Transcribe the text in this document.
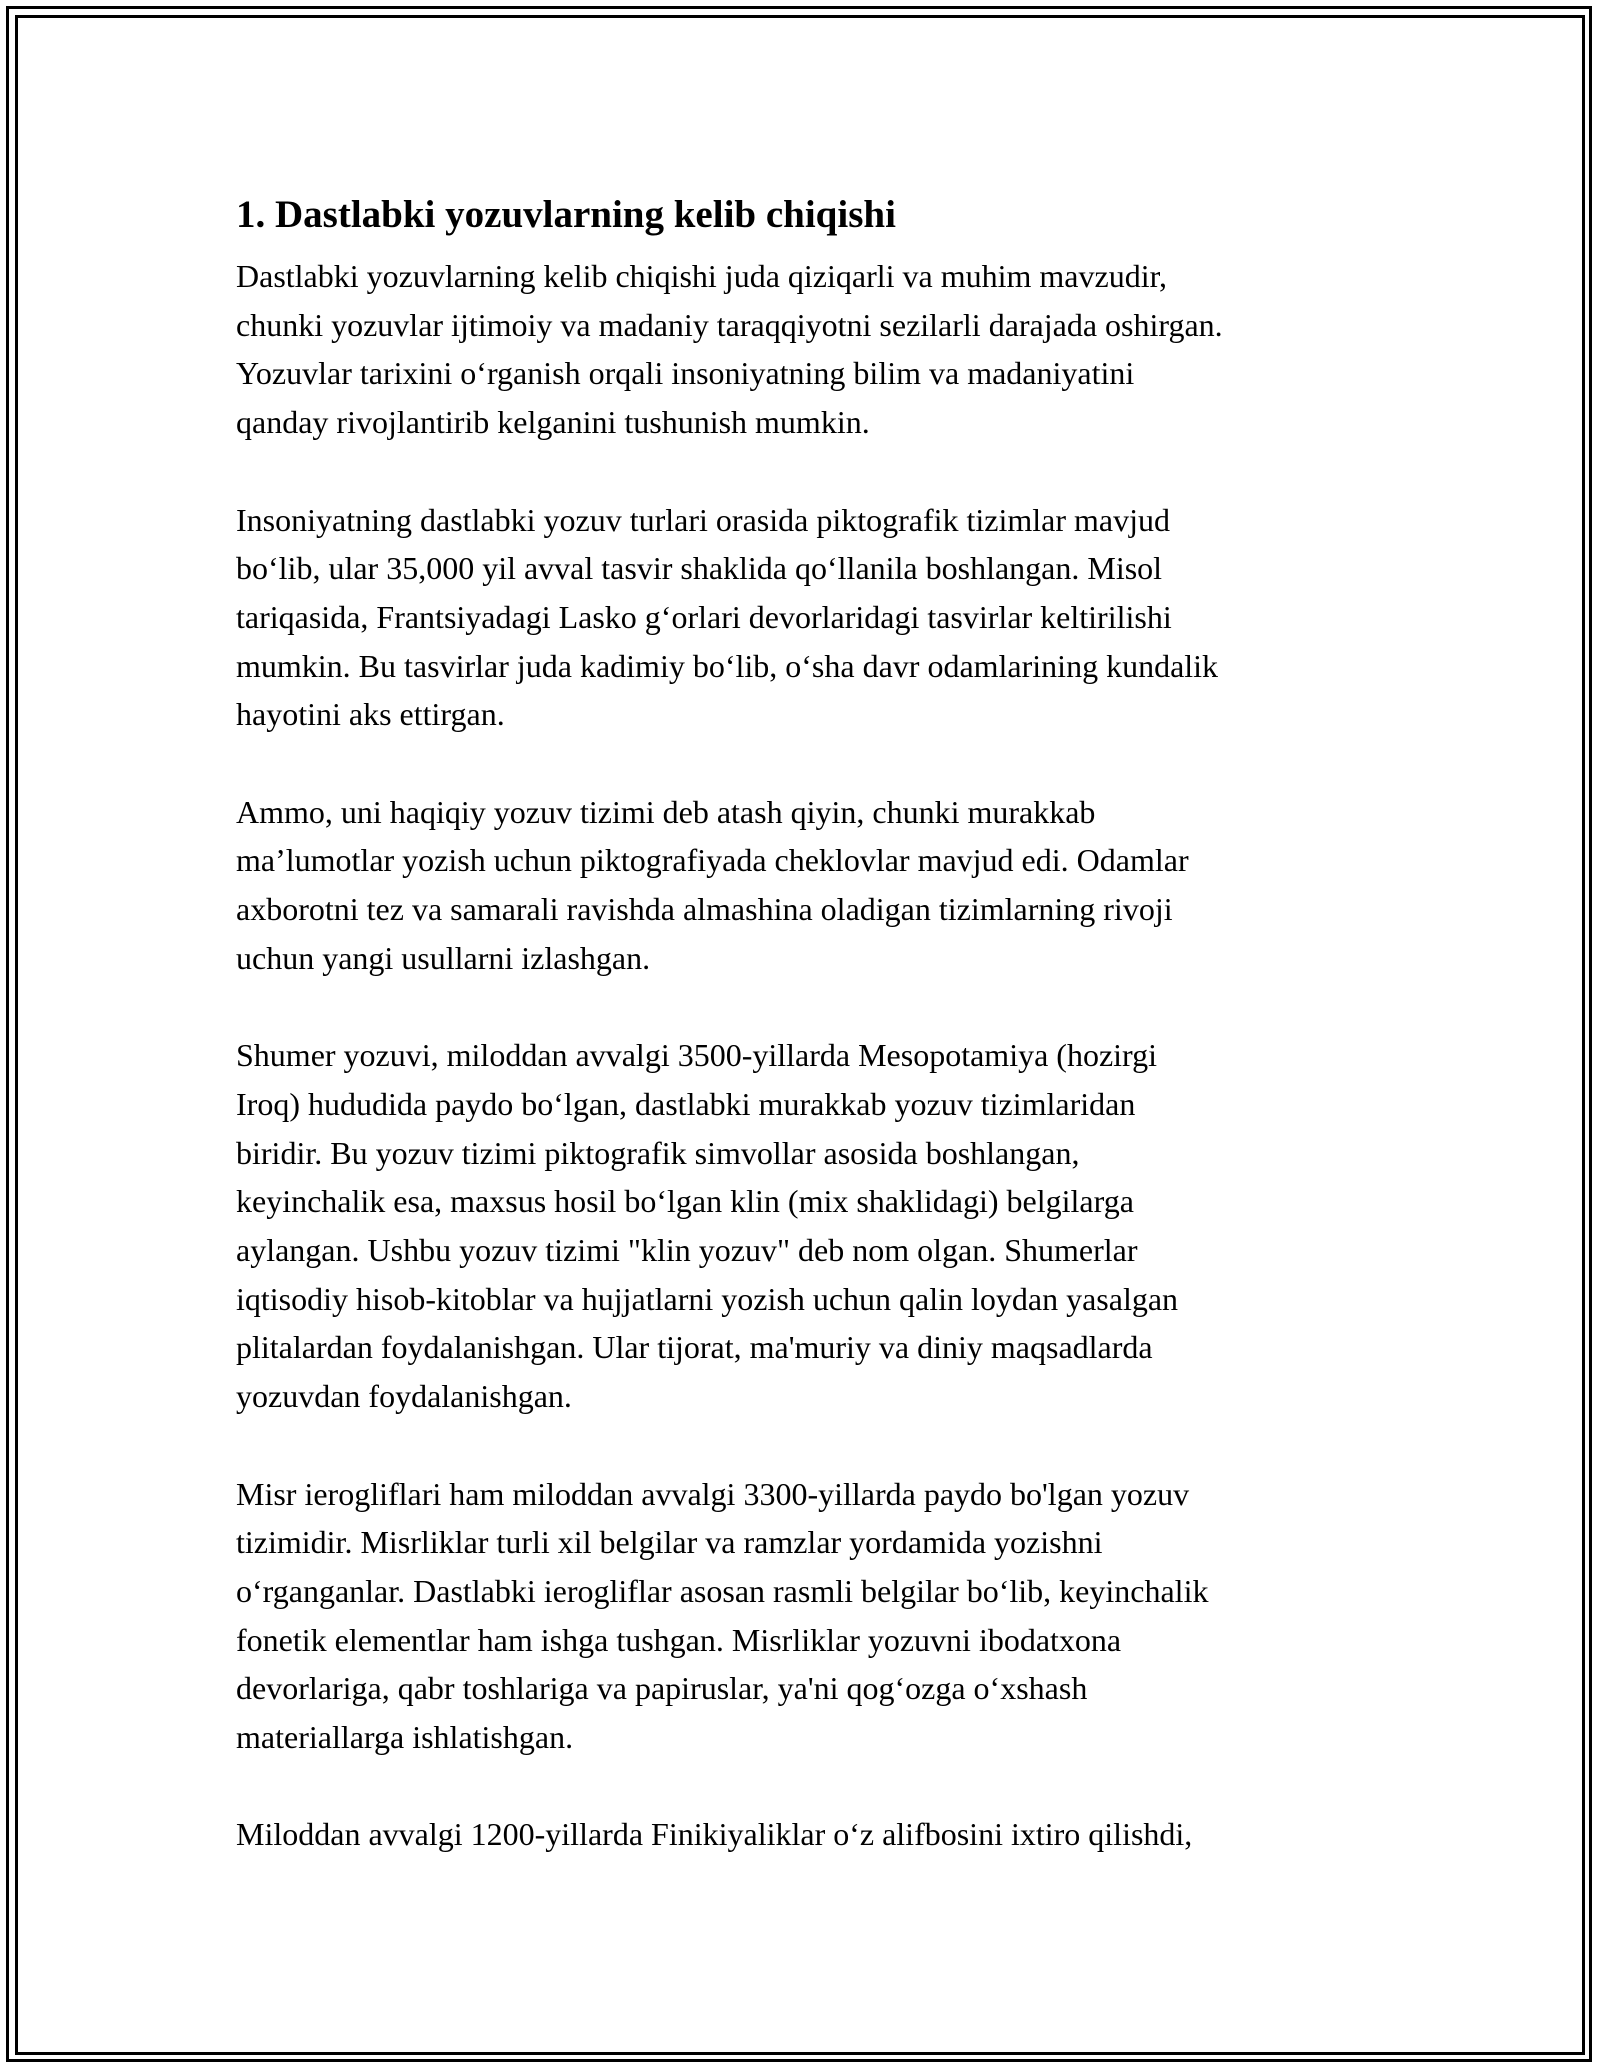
1. Dastlabki yozuvlarning kelib chiqishi

Dastlabki yozuvlarning kelib chiqishi juda qiziqarli va muhim mavzudir,
chunki yozuvlar ijtimoiy va madaniy taraqqiyotni sezilarli darajada oshirgan.
Yozuvlar tarixini o‘rganish orqali insoniyatning bilim va madaniyatini
qanday rivojlantirib kelganini tushunish mumkin.

Insoniyatning dastlabki yozuv turlari orasida piktografik tizimlar mavjud
bo‘lib, ular 35,000 yil avval tasvir shaklida qo‘llanila boshlangan. Misol
tariqasida, Frantsiyadagi Lasko g‘orlari devorlaridagi tasvirlar keltirilishi
mumkin. Bu tasvirlar juda kadimiy bo‘lib, o‘sha davr odamlarining kundalik
hayotini aks ettirgan.

Ammo, uni haqiqiy yozuv tizimi deb atash qiyin, chunki murakkab
ma’lumotlar yozish uchun piktografiyada cheklovlar mavjud edi. Odamlar
axborotni tez va samarali ravishda almashina oladigan tizimlarning rivoji
uchun yangi usullarni izlashgan.

Shumer yozuvi, miloddan avvalgi 3500-yillarda Mesopotamiya (hozirgi
Iroq) hududida paydo bo‘lgan, dastlabki murakkab yozuv tizimlaridan
biridir. Bu yozuv tizimi piktografik simvollar asosida boshlangan,
keyinchalik esa, maxsus hosil bo‘lgan klin (mix shaklidagi) belgilarga
aylangan. Ushbu yozuv tizimi "klin yozuv" deb nom olgan. Shumerlar
iqtisodiy hisob-kitoblar va hujjatlarni yozish uchun qalin loydan yasalgan
plitalardan foydalanishgan. Ular tijorat, ma'muriy va diniy maqsadlarda
yozuvdan foydalanishgan.

Misr ierogliflari ham miloddan avvalgi 3300-yillarda paydo bo'lgan yozuv
tizimidir. Misrliklar turli xil belgilar va ramzlar yordamida yozishni
o‘rganganlar. Dastlabki ierogliflar asosan rasmli belgilar bo‘lib, keyinchalik
fonetik elementlar ham ishga tushgan. Misrliklar yozuvni ibodatxona
devorlariga, qabr toshlariga va papiruslar, ya'ni qog‘ozga o‘xshash
materiallarga ishlatishgan.

Miloddan avvalgi 1200-yillarda Finikiyaliklar o‘z alifbosini ixtiro qilishdi,
